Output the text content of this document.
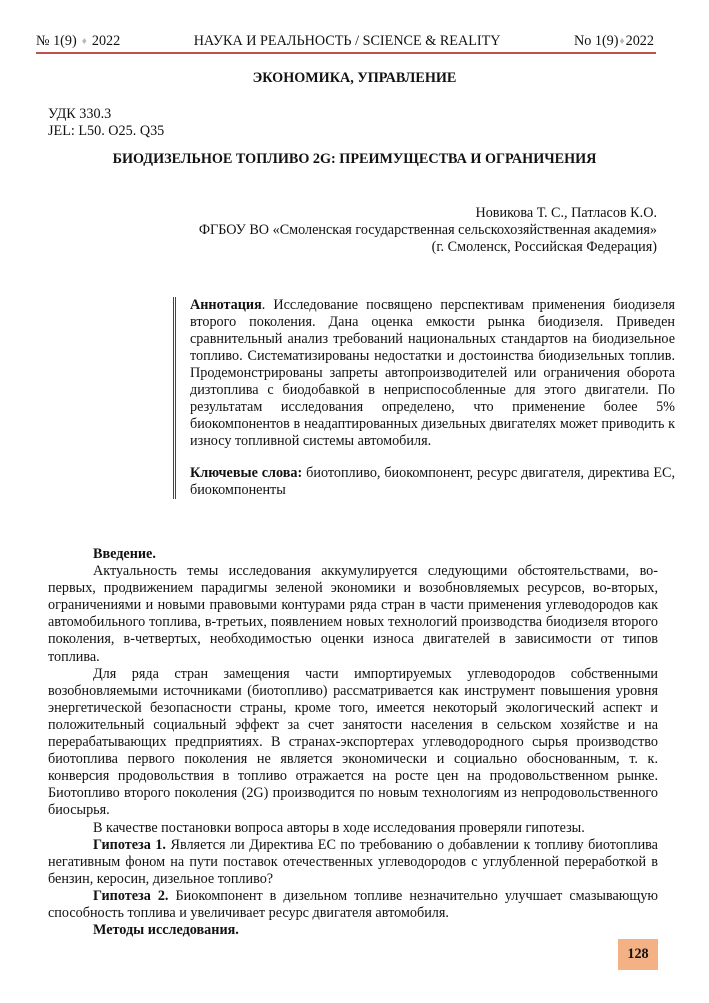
№ 1(9) ♦ 2022	НАУКА И РЕАЛЬНОСТЬ / SCIENCE & REALITY	No 1(9)♦2022
ЭКОНОМИКА, УПРАВЛЕНИЕ
УДК 330.3
JEL: L50. O25. Q35
БИОДИЗЕЛЬНОЕ ТОПЛИВО 2G: ПРЕИМУЩЕСТВА И ОГРАНИЧЕНИЯ
Новикова Т. С., Патласов К.О.
ФГБОУ ВО «Смоленская государственная сельскохозяйственная академия»
(г. Смоленск, Российская Федерация)

Аннотация. Исследование посвящено перспективам применения биодизеля второго поколения. Дана оценка емкости рынка биодизеля. Приведен сравнительный анализ требований национальных стандартов на биодизельное топливо. Систематизированы недостатки и достоинства биодизельных топлив. Продемонстрированы запреты автопроизводителей или ограничения оборота дизтоплива с биодобавкой в неприспособленные для этого двигатели. По результатам исследования определено, что применение более 5% биокомпонентов в неадаптированных дизельных двигателях может приводить к износу топливной системы автомобиля.

Ключевые слова: биотопливо, биокомпонент, ресурс двигателя, директива ЕС, биокомпоненты

Введение.

Актуальность темы исследования аккумулируется следующими обстоятельствами, во-первых, продвижением парадигмы зеленой экономики и возобновляемых ресурсов, во-вторых, ограничениями и новыми правовыми контурами ряда стран в части применения углеводородов как автомобильного топлива, в-третьих, появлением новых технологий производства биодизеля второго поколения, в-четвертых, необходимостью оценки износа двигателей в зависимости от типов топлива.

Для ряда стран замещения части импортируемых углеводородов собственными возобновляемыми источниками (биотопливо) рассматривается как инструмент повышения уровня энергетической безопасности страны, кроме того, имеется некоторый экологический аспект и положительный социальный эффект за счет занятости населения в сельском хозяйстве и на перерабатывающих предприятиях. В странах-экспортерах углеводородного сырья производство биотоплива первого поколения не является экономически и социально обоснованным, т. к. конверсия продовольствия в топливо отражается на росте цен на продовольственном рынке. Биотопливо второго поколения (2G) производится по новым технологиям из непродовольственного биосырья.

В качестве постановки вопроса авторы в ходе исследования проверяли гипотезы.

Гипотеза 1. Является ли Директива ЕС по требованию о добавлении к топливу биотоплива негативным фоном на пути поставок отечественных углеводородов с углубленной переработкой в бензин, керосин, дизельное топливо?

Гипотеза 2. Биокомпонент в дизельном топливе незначительно улучшает смазывающую способность топлива и увеличивает ресурс двигателя автомобиля.

Методы исследования.

128
